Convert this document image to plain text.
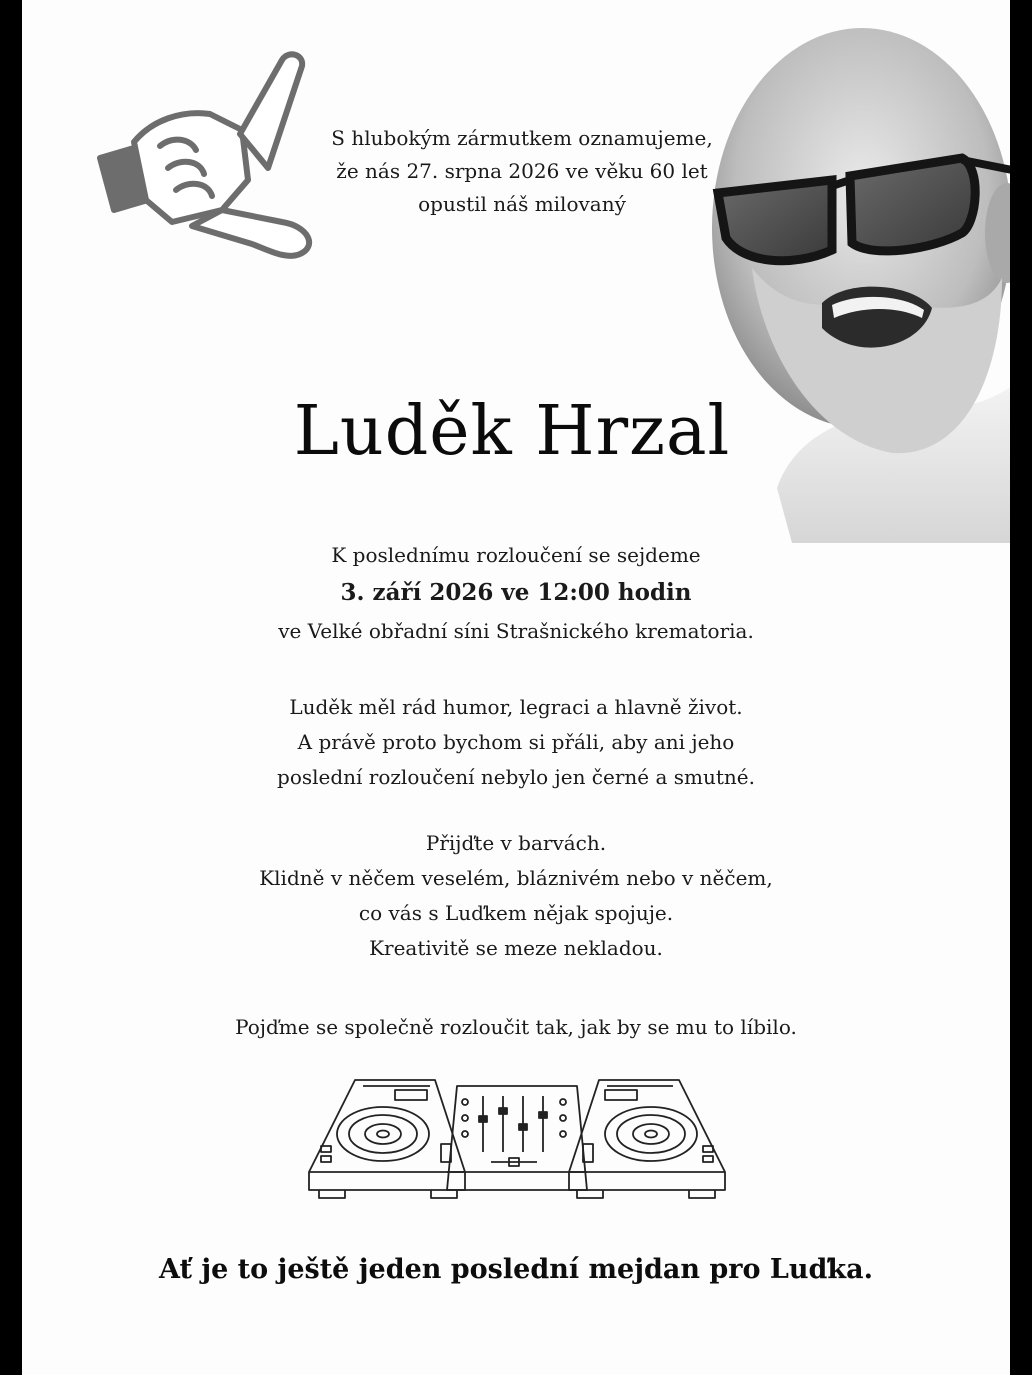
S hlubokým zármutkem oznamujeme,
že nás 27. srpna 2026 ve věku 60 let
opustil náš milovaný
Luděk Hrzal
K poslednímu rozloučení se sejdeme
3. září 2026 ve 12:00 hodin
ve Velké obřadní síni Strašnického krematoria.
Luděk měl rád humor, legraci a hlavně život.
A právě proto bychom si přáli, aby ani jeho
poslední rozloučení nebylo jen černé a smutné.
Přijďte v barvách.
Klidně v něčem veselém, bláznivém nebo v něčem,
co vás s Luďkem nějak spojuje.
Kreativitě se meze nekladou.
Pojďme se společně rozloučit tak, jak by se mu to líbilo.
Ať je to ještě jeden poslední mejdan pro Luďka.
